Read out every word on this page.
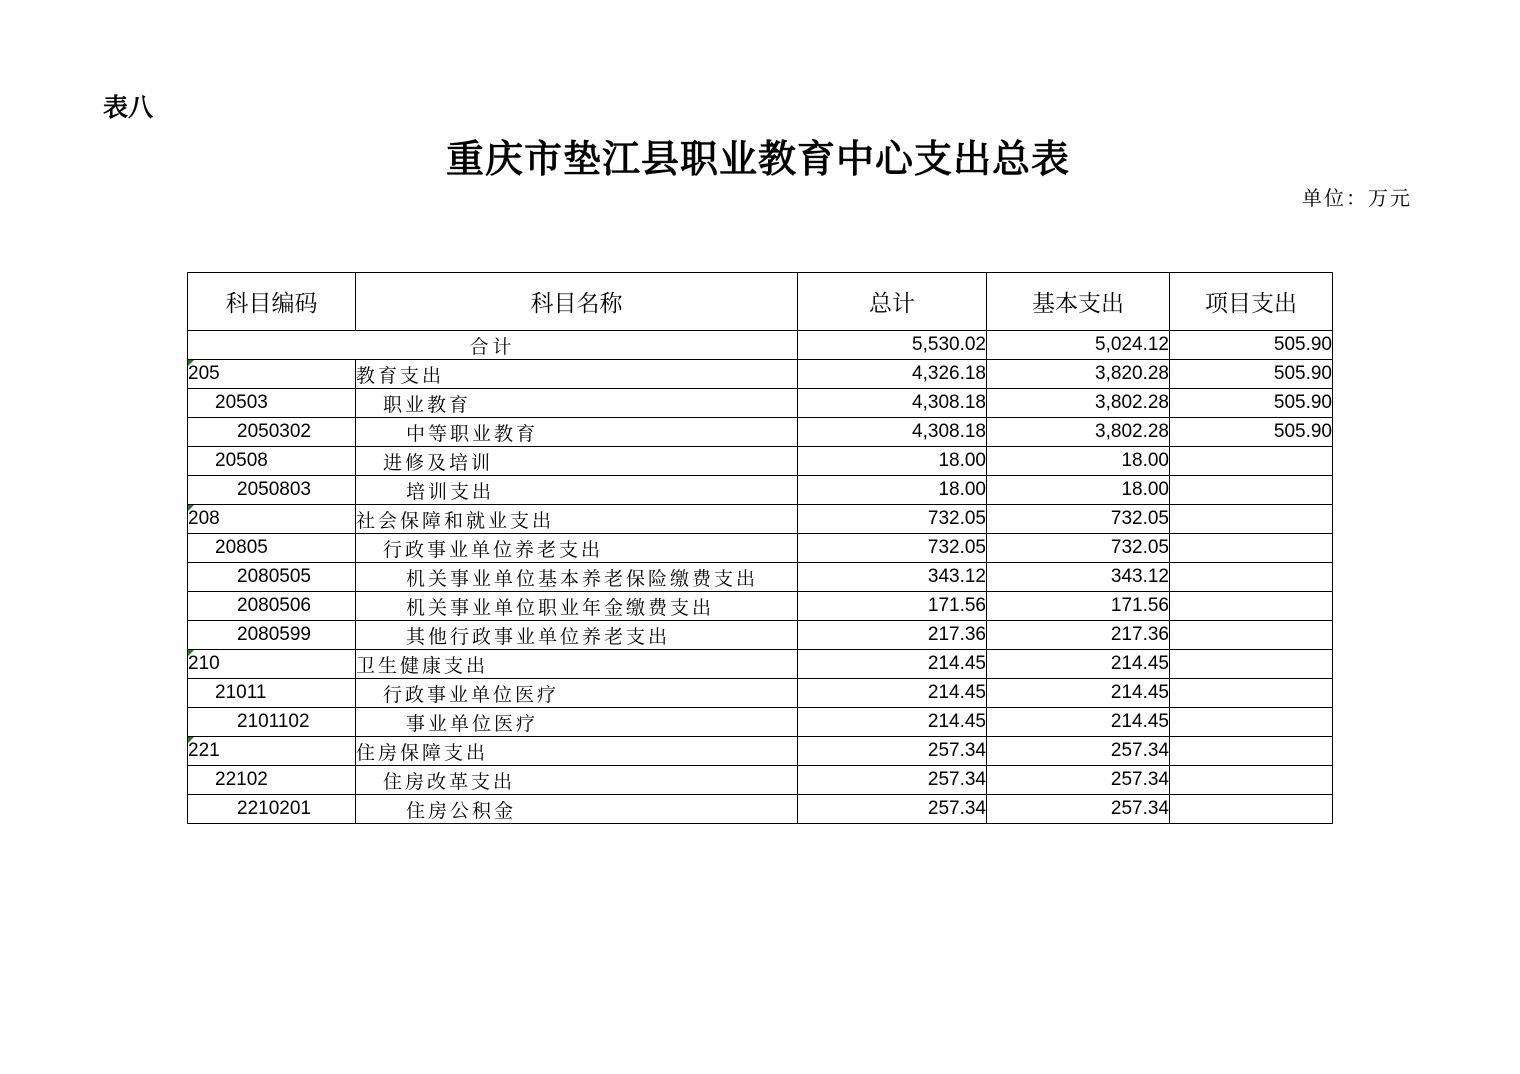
表八
重庆市垫江县职业教育中心支出总表
单位：万元
科目编码	科目名称	总计	基本支出	项目支出
合计		5,530.02	5,024.12	505.90

205	教育支出	4,326.18	3,820.28	505.90
20503	职业教育	4,308.18	3,802.28	505.90
2050302	中等职业教育	4,308.18	3,802.28	505.90
20508	进修及培训	18.00	18.00	
2050803	培训支出	18.00	18.00	

208	社会保障和就业支出	732.05	732.05	
20805	行政事业单位养老支出	732.05	732.05	
2080505	机关事业单位基本养老保险缴费支出	343.12	343.12	
2080506	机关事业单位职业年金缴费支出	171.56	171.56	
2080599	其他行政事业单位养老支出	217.36	217.36	

210	卫生健康支出	214.45	214.45	
21011	行政事业单位医疗	214.45	214.45	
2101102	事业单位医疗	214.45	214.45	

221	住房保障支出	257.34	257.34	
22102	住房改革支出	257.34	257.34	
2210201	住房公积金	257.34	257.34	
